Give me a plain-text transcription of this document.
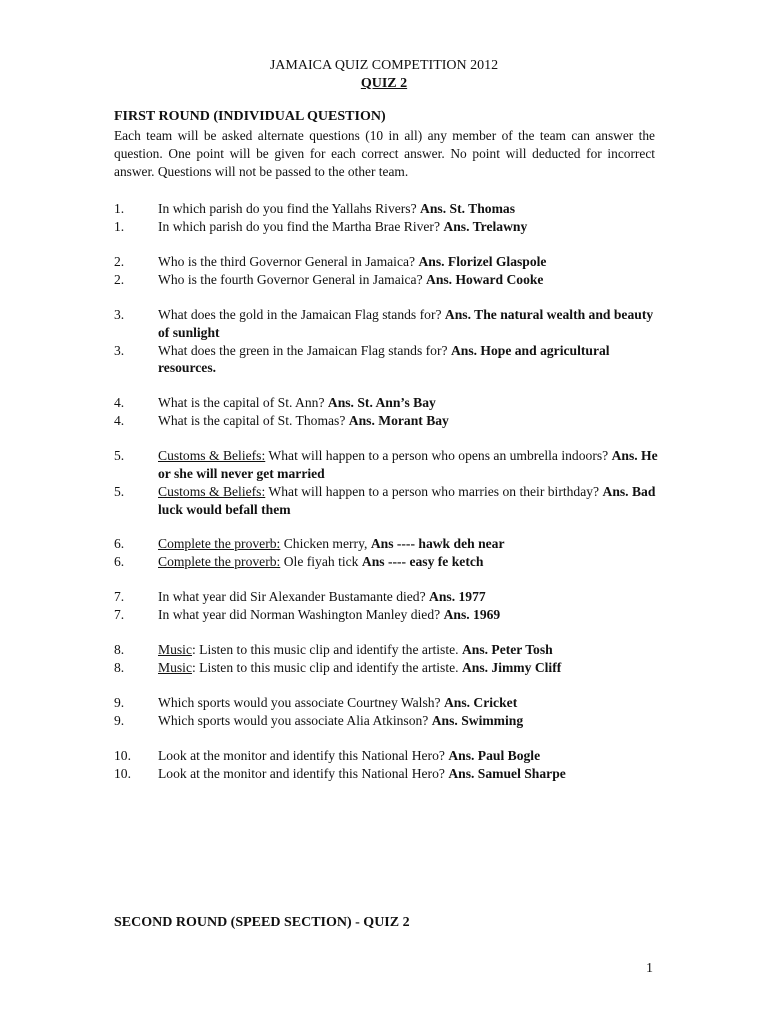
JAMAICA QUIZ COMPETITION 2012
QUIZ 2
FIRST ROUND (INDIVIDUAL QUESTION)
Each team will be asked alternate questions (10 in all) any member of the team can answer the question. One point will be given for each correct answer. No point will deducted for incorrect answer. Questions will not be passed to the other team.
1. In which parish do you find the Yallahs Rivers? Ans. St. Thomas
1. In which parish do you find the Martha Brae River? Ans. Trelawny
2. Who is the third Governor General in Jamaica? Ans. Florizel Glaspole
2. Who is the fourth Governor General in Jamaica? Ans. Howard Cooke
3. What does the gold in the Jamaican Flag stands for? Ans. The natural wealth and beauty of sunlight
3. What does the green in the Jamaican Flag stands for? Ans. Hope and agricultural resources.
4. What is the capital of St. Ann? Ans. St. Ann’s Bay
4. What is the capital of St. Thomas? Ans. Morant Bay
5. Customs & Beliefs: What will happen to a person who opens an umbrella indoors? Ans. He or she will never get married
5. Customs & Beliefs: What will happen to a person who marries on their birthday? Ans. Bad luck would befall them
6. Complete the proverb: Chicken merry, Ans ---- hawk deh near
6. Complete the proverb: Ole fiyah tick Ans ---- easy fe ketch
7. In what year did Sir Alexander Bustamante died? Ans. 1977
7. In what year did Norman Washington Manley died? Ans. 1969
8. Music: Listen to this music clip and identify the artiste. Ans. Peter Tosh
8. Music: Listen to this music clip and identify the artiste. Ans. Jimmy Cliff
9. Which sports would you associate Courtney Walsh? Ans. Cricket
9. Which sports would you associate Alia Atkinson? Ans. Swimming
10. Look at the monitor and identify this National Hero? Ans. Paul Bogle
10. Look at the monitor and identify this National Hero? Ans. Samuel Sharpe
SECOND ROUND (SPEED SECTION) - QUIZ 2
1
